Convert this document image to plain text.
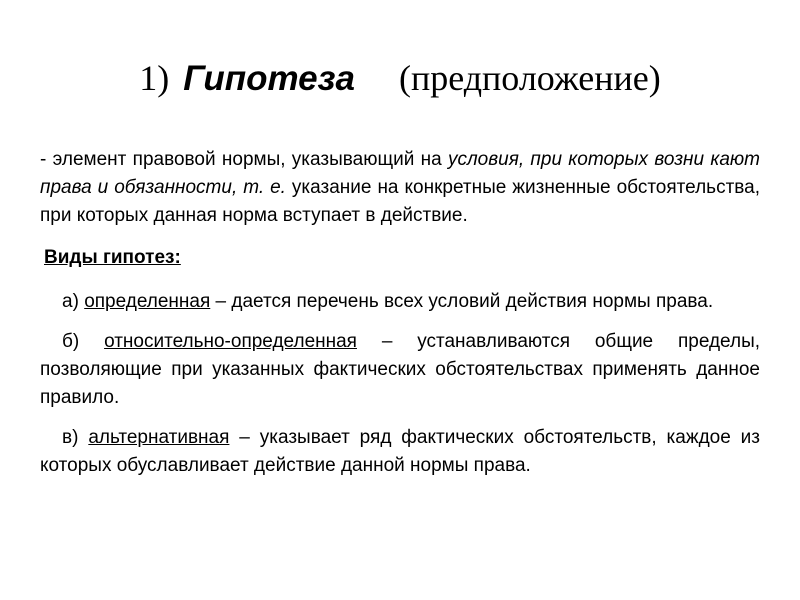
1) Гипотеза (предположение)

- элемент правовой нормы, указывающий на условия, при которых возни кают права и обязанности, т. е. указание на конкретные жизненные обстоятельства, при которых данная норма вступает в действие.

Виды гипотез:

а) определенная – дается перечень всех условий действия нормы права.

б) относительно-определенная – устанавливаются общие пределы, позволяющие при указанных фактических обстоятельствах применять данное правило.

в) альтернативная – указывает ряд фактических обстоятельств, каждое из которых обуславливает действие данной нормы права.
